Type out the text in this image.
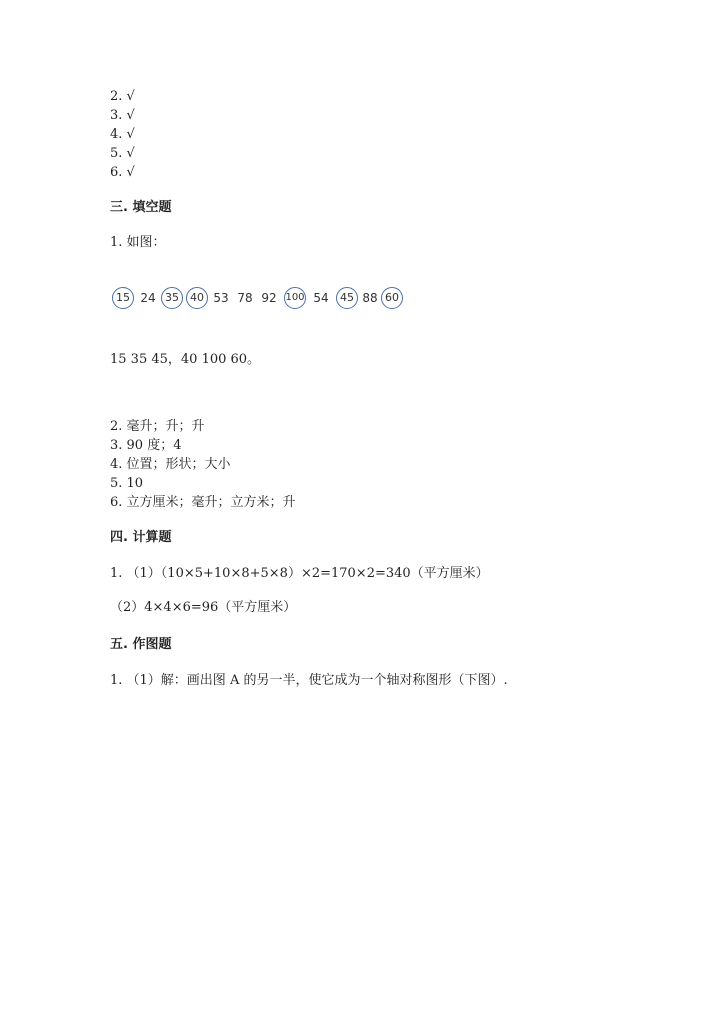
2. √
3. √
4. √
5. √
6. √
三. 填空题
1. 如图：
15 24 35	40 53 78 92 100 54	45 88 60
15 35 45，40 100 60。
2. 毫升；升；升
3. 90 度；4
4. 位置；形状；大小
5. 10
6. 立方厘米；毫升；立方米；升
四. 计算题
1. （1）（10×5+10×8+5×8）×2=170×2=340（平方厘米）
（2）4×4×6=96（平方厘米）
五. 作图题
1. （1）解：画出图 A 的另一半，使它成为一个轴对称图形（下图）.
